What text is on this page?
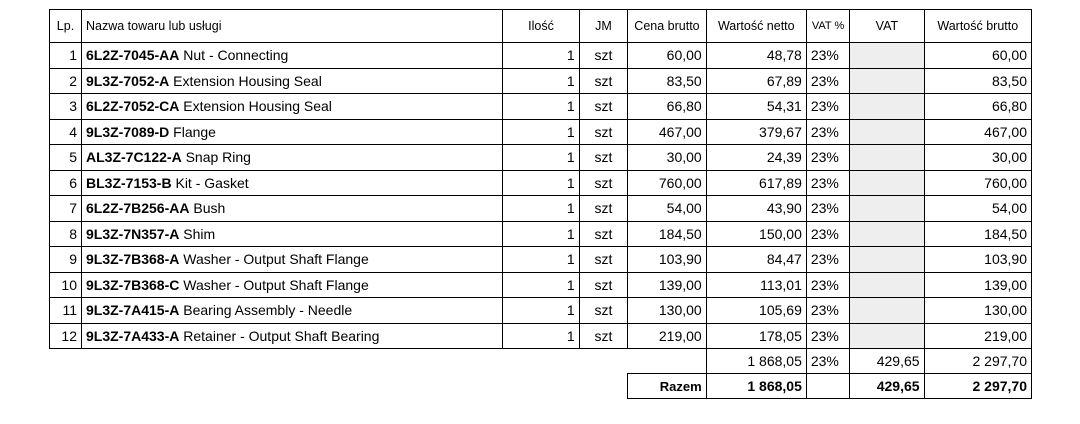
Lp.	Nazwa towaru lub usługi	Ilość	JM	Cena brutto	Wartość netto	VAT %	VAT	Wartość brutto
1	6L2Z-7045-AA Nut - Connecting	1	szt	60,00	48,78	23%		60,00
2	9L3Z-7052-A Extension Housing Seal	1	szt	83,50	67,89	23%		83,50
3	6L2Z-7052-CA Extension Housing Seal	1	szt	66,80	54,31	23%		66,80
4	9L3Z-7089-D Flange	1	szt	467,00	379,67	23%		467,00
5	AL3Z-7C122-A Snap Ring	1	szt	30,00	24,39	23%		30,00
6	BL3Z-7153-B Kit - Gasket	1	szt	760,00	617,89	23%		760,00
7	6L2Z-7B256-AA Bush	1	szt	54,00	43,90	23%		54,00
8	9L3Z-7N357-A Shim	1	szt	184,50	150,00	23%		184,50
9	9L3Z-7B368-A Washer - Output Shaft Flange	1	szt	103,90	84,47	23%		103,90
10	9L3Z-7B368-C Washer - Output Shaft Flange	1	szt	139,00	113,01	23%		139,00
11	9L3Z-7A415-A Bearing Assembly - Needle	1	szt	130,00	105,69	23%		130,00
12	9L3Z-7A433-A Retainer - Output Shaft Bearing	1	szt	219,00	178,05	23%		219,00
					1 868,05	23%	429,65	2 297,70
				Razem	1 868,05		429,65	2 297,70
